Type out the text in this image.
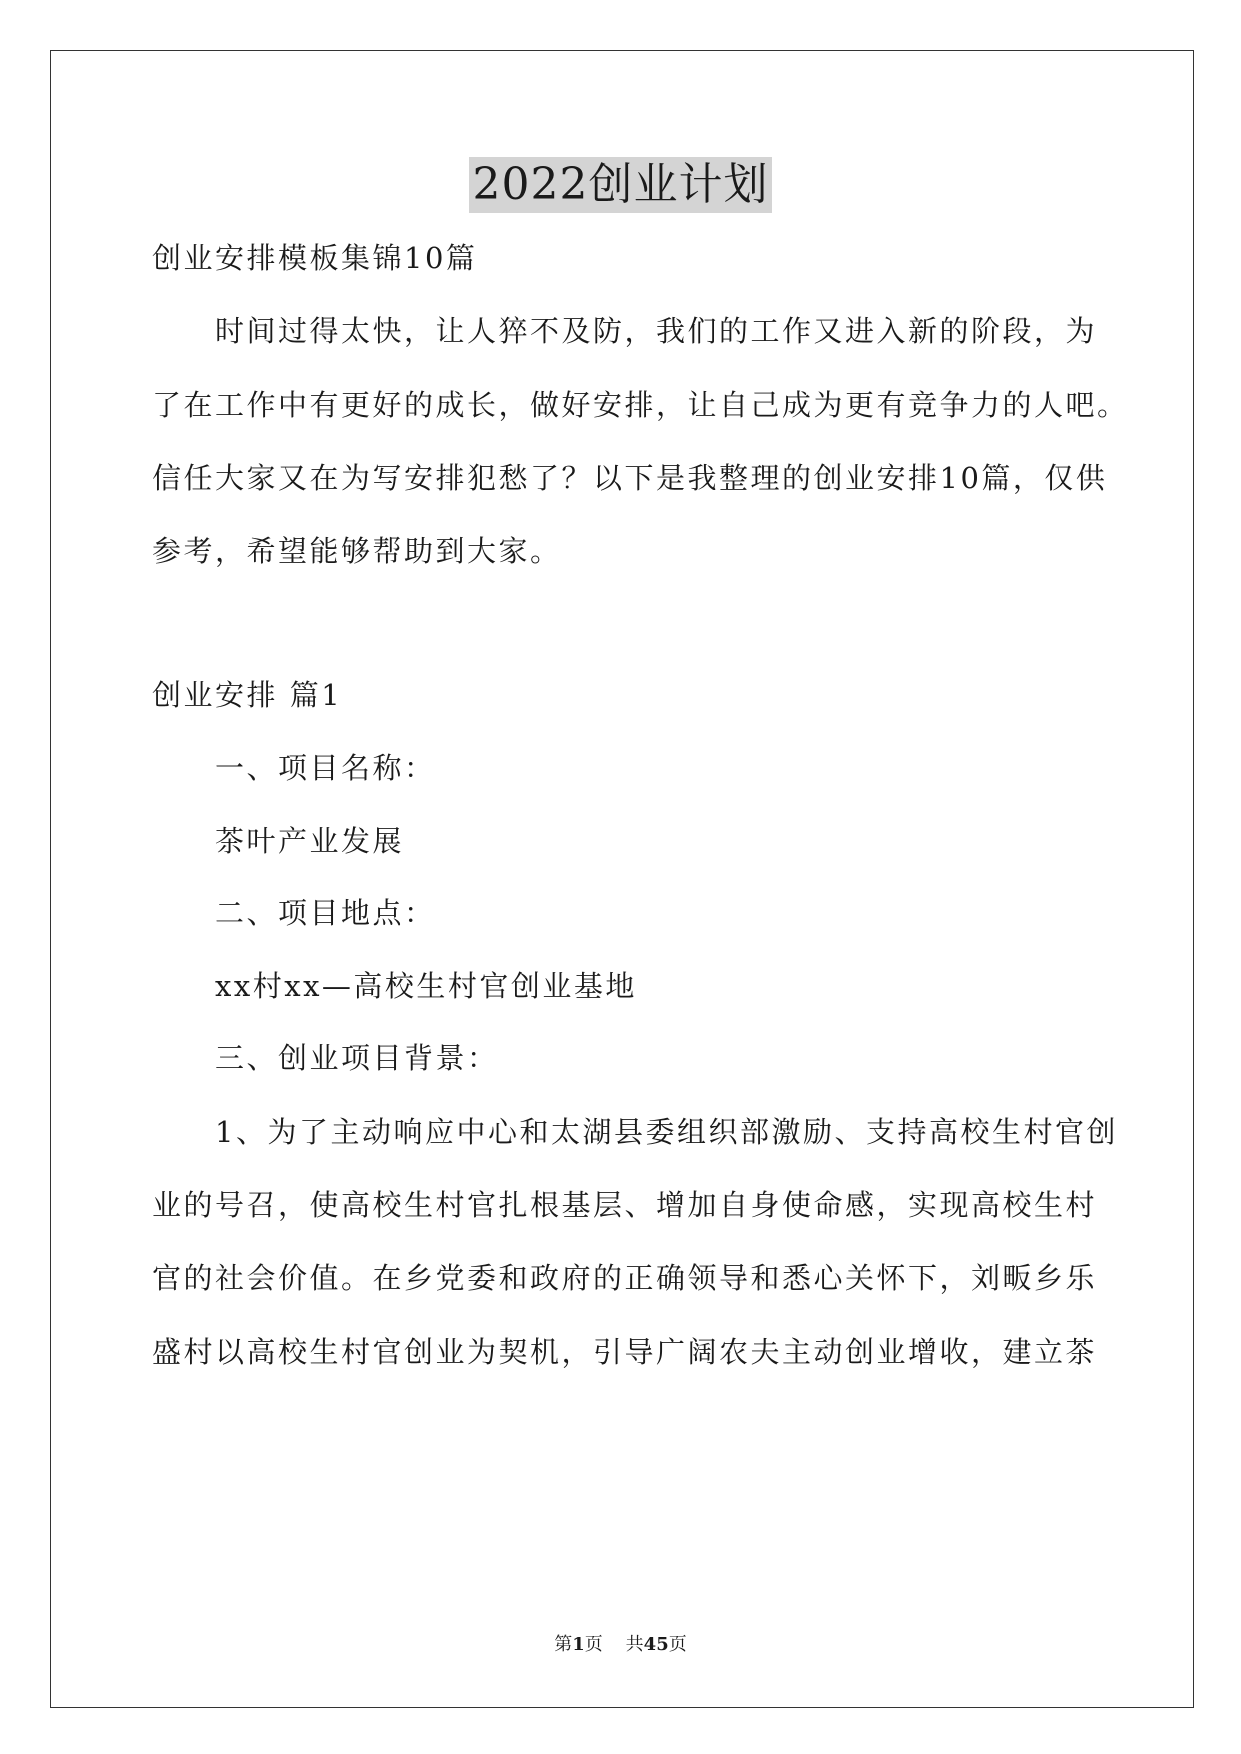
2022创业计划
创业安排模板集锦10篇
时间过得太快，让人猝不及防，我们的工作又进入新的阶段，为
了在工作中有更好的成长，做好安排，让自己成为更有竞争力的人吧。
信任大家又在为写安排犯愁了？以下是我整理的创业安排10篇，仅供
参考，希望能够帮助到大家。
创业安排 篇1
一、项目名称：
茶叶产业发展
二、项目地点：
xx村xx—高校生村官创业基地
三、创业项目背景：
1、为了主动响应中心和太湖县委组织部激励、支持高校生村官创
业的号召，使高校生村官扎根基层、增加自身使命感，实现高校生村
官的社会价值。在乡党委和政府的正确领导和悉心关怀下，刘畈乡乐
盛村以高校生村官创业为契机，引导广阔农夫主动创业增收，建立茶
第1页    共45页
